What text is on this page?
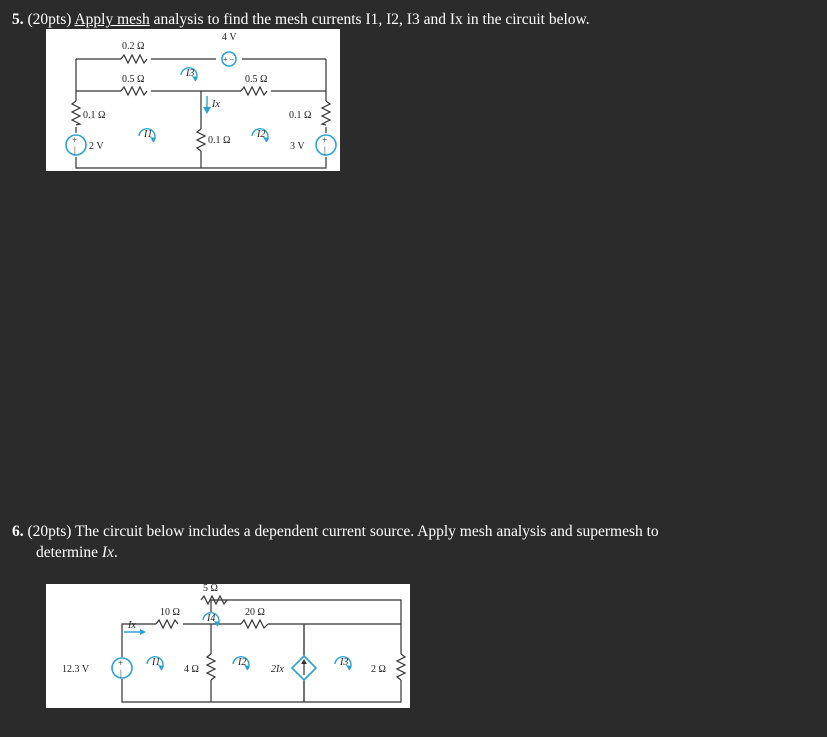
5. (20pts) Apply mesh analysis to find the mesh currents I1, I2, I3 and Ix in the circuit below.
0.2 Ω
+ −
4 V
0.5 Ω	0.5 Ω
0.1 Ω
0.1 Ω
0.1 Ω
+
| 2 V
+
|
3 V
I1	I2
I3
Ix
6. (20pts) The circuit below includes a dependent current source. Apply mesh analysis and supermesh to
determine Ix.
5 Ω
10 Ω	20 Ω
4 Ω	2 Ω
+
|
12.3 V	2Ix
Ix
I1	I2	I3
I4
